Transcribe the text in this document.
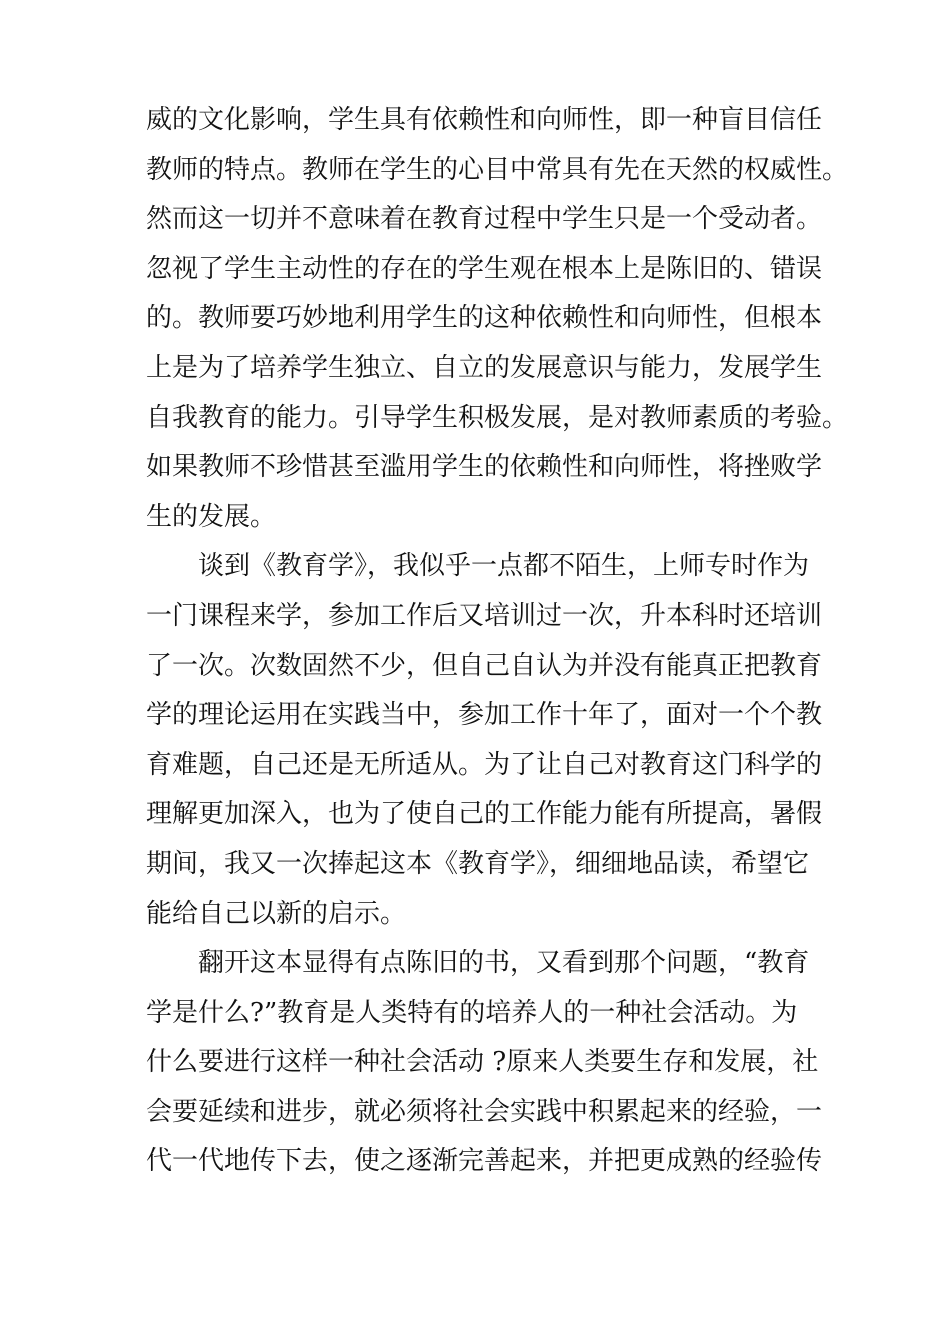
威的文化影响，学生具有依赖性和向师性，即一种盲目信任
教师的特点。教师在学生的心目中常具有先在天然的权威性。
然而这一切并不意味着在教育过程中学生只是一个受动者。
忽视了学生主动性的存在的学生观在根本上是陈旧的、错误
的。教师要巧妙地利用学生的这种依赖性和向师性，但根本
上是为了培养学生独立、自立的发展意识与能力，发展学生
自我教育的能力。引导学生积极发展，是对教师素质的考验。
如果教师不珍惜甚至滥用学生的依赖性和向师性，将挫败学
生的发展。
谈到《教育学》，我似乎一点都不陌生，上师专时作为
一门课程来学，参加工作后又培训过一次，升本科时还培训
了一次。次数固然不少，但自己自认为并没有能真正把教育
学的理论运用在实践当中，参加工作十年了，面对一个个教
育难题，自己还是无所适从。为了让自己对教育这门科学的
理解更加深入，也为了使自己的工作能力能有所提高，暑假
期间，我又一次捧起这本《教育学》，细细地品读，希望它
能给自己以新的启示。
翻开这本显得有点陈旧的书，又看到那个问题，“教育
学是什么?”教育是人类特有的培养人的一种社会活动。为
什么要进行这样一种社会活动 ?原来人类要生存和发展，社
会要延续和进步，就必须将社会实践中积累起来的经验，一
代一代地传下去，使之逐渐完善起来，并把更成熟的经验传
